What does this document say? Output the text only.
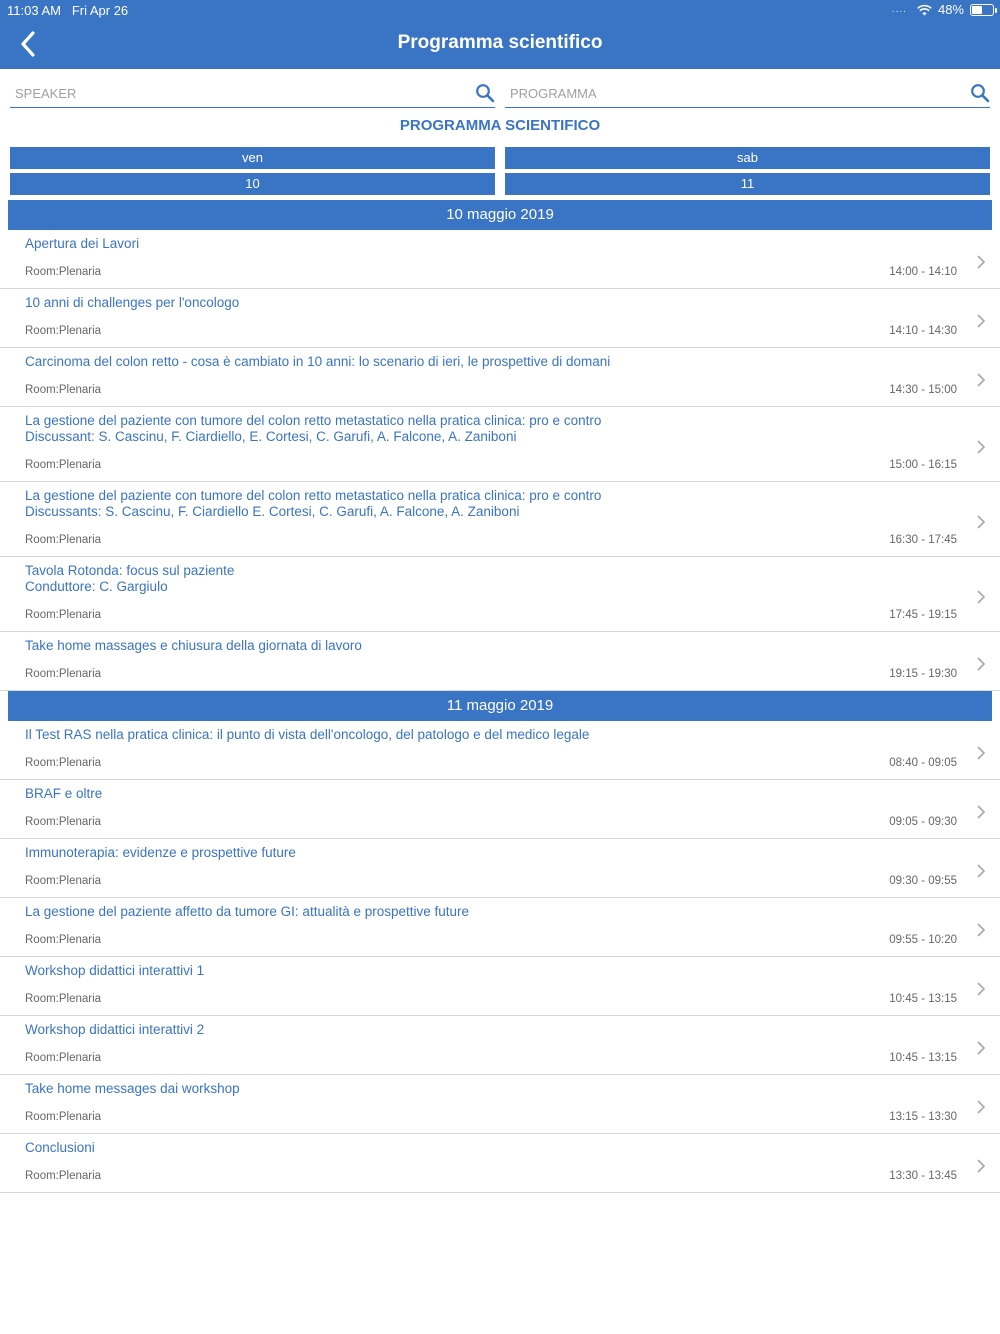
11:03 AM Fri Apr 26	.... 48%
Programma scientifico
SPEAKER
PROGRAMMA
PROGRAMMA SCIENTIFICO
ven	sab
10	11
10 maggio 2019
Apertura dei Lavori
Room:Plenaria	14:00 - 14:10
10 anni di challenges per l'oncologo
Room:Plenaria	14:10 - 14:30
Carcinoma del colon retto - cosa è cambiato in 10 anni: lo scenario di ieri, le prospettive di domani
Room:Plenaria	14:30 - 15:00
La gestione del paziente con tumore del colon retto metastatico nella pratica clinica: pro e contro
Discussant: S. Cascinu, F. Ciardiello, E. Cortesi, C. Garufi, A. Falcone, A. Zaniboni
Room:Plenaria	15:00 - 16:15
La gestione del paziente con tumore del colon retto metastatico nella pratica clinica: pro e contro
Discussants: S. Cascinu, F. Ciardiello E. Cortesi, C. Garufi, A. Falcone, A. Zaniboni
Room:Plenaria	16:30 - 17:45
Tavola Rotonda: focus sul paziente
Conduttore: C. Gargiulo
Room:Plenaria	17:45 - 19:15
Take home massages e chiusura della giornata di lavoro
Room:Plenaria	19:15 - 19:30
11 maggio 2019
Il Test RAS nella pratica clinica: il punto di vista dell'oncologo, del patologo e del medico legale
Room:Plenaria	08:40 - 09:05
BRAF e oltre
Room:Plenaria	09:05 - 09:30
Immunoterapia: evidenze e prospettive future
Room:Plenaria	09:30 - 09:55
La gestione del paziente affetto da tumore GI: attualità e prospettive future
Room:Plenaria	09:55 - 10:20
Workshop didattici interattivi 1
Room:Plenaria	10:45 - 13:15
Workshop didattici interattivi 2
Room:Plenaria	10:45 - 13:15
Take home messages dai workshop
Room:Plenaria	13:15 - 13:30
Conclusioni
Room:Plenaria	13:30 - 13:45
